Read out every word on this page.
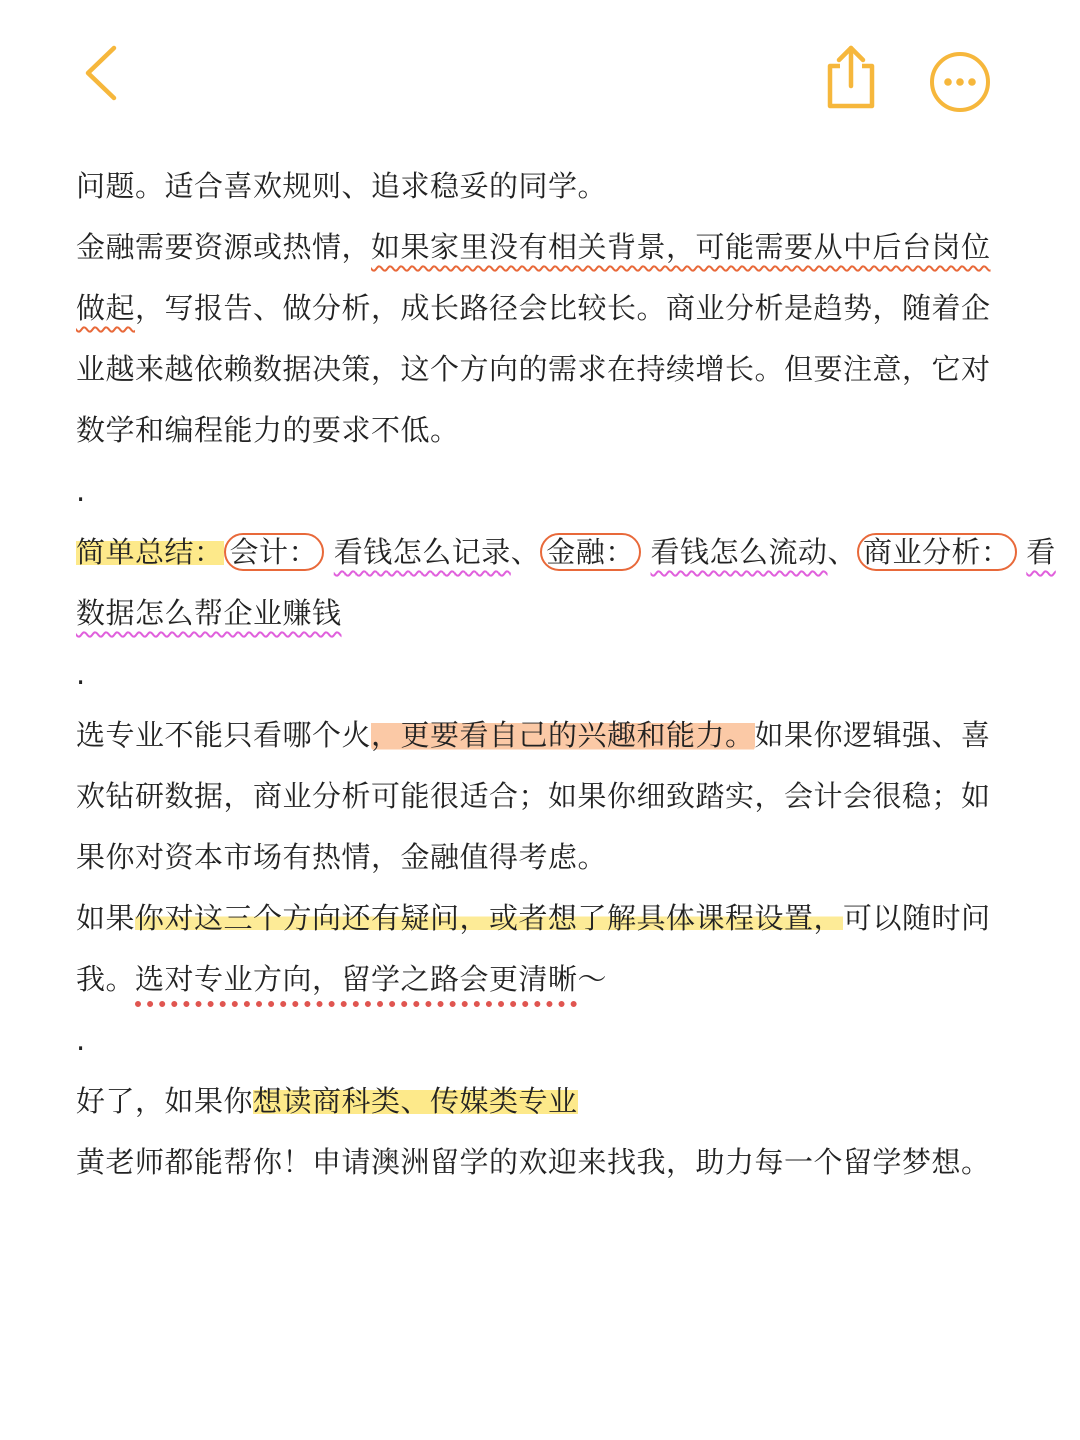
问题。适合喜欢规则、追求稳妥的同学。

金融需要资源或热情，如果家里没有相关背景，可能需要从中后台岗位

做起，写报告、做分析，成长路径会比较长。商业分析是趋势，随着企

业越来越依赖数据决策，这个方向的需求在持续增长。但要注意，它对

数学和编程能力的要求不低。

.

简单总结： 会计： 看钱怎么记录、 金融： 看钱怎么流动、 商业分析： 看

数据怎么帮企业赚钱

.

选专业不能只看哪个火，更要看自己的兴趣和能力。如果你逻辑强、喜

欢钻研数据，商业分析可能很适合；如果你细致踏实，会计会很稳；如

果你对资本市场有热情，金融值得考虑。

如果你对这三个方向还有疑问，或者想了解具体课程设置，可以随时问

我。选对专业方向，留学之路会更清晰～

.

好了，如果你想读商科类、传媒类专业

黄老师都能帮你！申请澳洲留学的欢迎来找我，助力每一个留学梦想。
